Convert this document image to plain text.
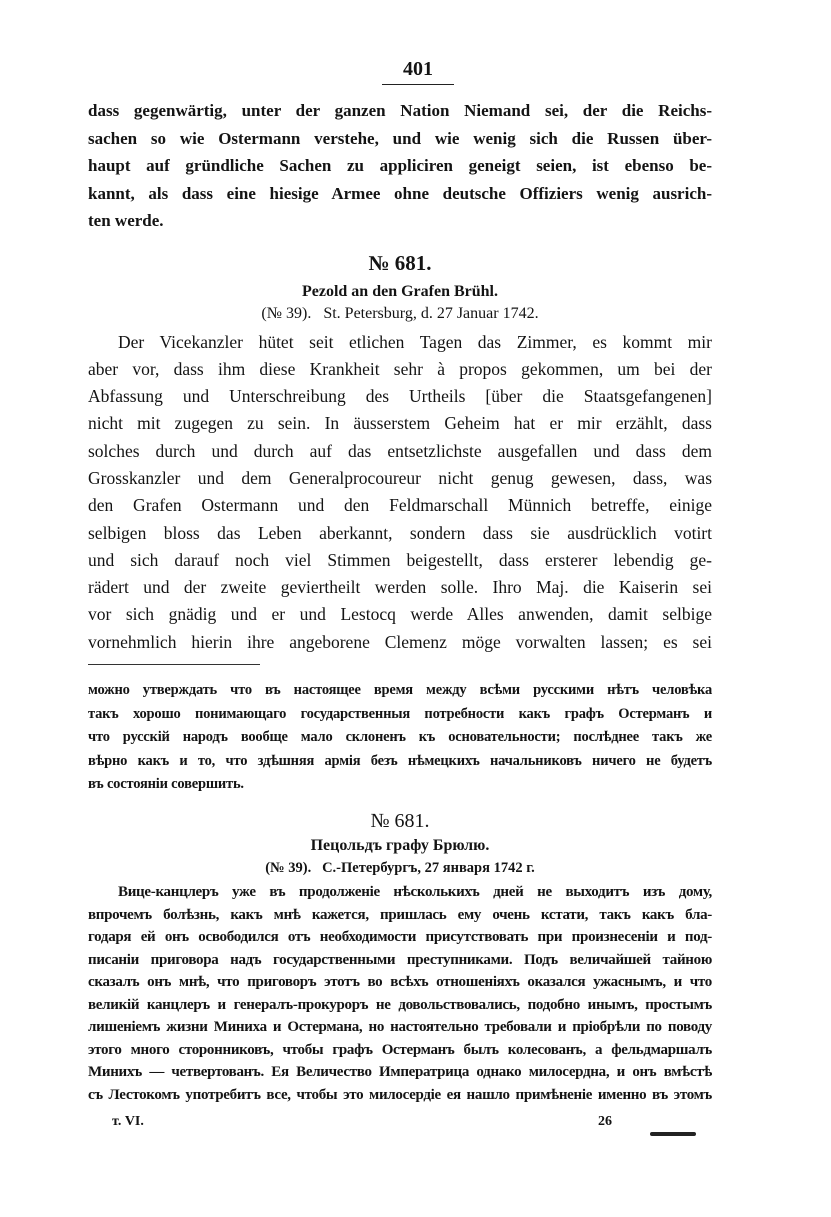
401
dass gegenwärtig, unter der ganzen Nation Niemand sei, der die Reichs-
sachen so wie Ostermann verstehe, und wie wenig sich die Russen über-
haupt auf gründliche Sachen zu appliciren geneigt seien, ist ebenso be-
kannt, als dass eine hiesige Armee ohne deutsche Offiziers wenig ausrich-
ten werde.
№ 681.
Pezold an den Grafen Brühl.
(№ 39).   St. Petersburg, d. 27 Januar 1742.
Der Vicekanzler hütet seit etlichen Tagen das Zimmer, es kommt mir
aber vor, dass ihm diese Krankheit sehr à propos gekommen, um bei der
Abfassung und Unterschreibung des Urtheils [über die Staatsgefangenen]
nicht mit zugegen zu sein. In äusserstem Geheim hat er mir erzählt, dass
solches durch und durch auf das entsetzlichste ausgefallen und dass dem
Grosskanzler und dem Generalprocoureur nicht genug gewesen, dass, was
den Grafen Ostermann und den Feldmarschall Münnich betreffe, einige
selbigen bloss das Leben aberkannt, sondern dass sie ausdrücklich votirt
und sich darauf noch viel Stimmen beigestellt, dass ersterer lebendig ge-
rädert und der zweite geviertheilt werden solle. Ihro Maj. die Kaiserin sei
vor sich gnädig und er und Lestocq werde Alles anwenden, damit selbige
vornehmlich hierin ihre angeborene Clemenz möge vorwalten lassen; es sei
можно утверждать что въ настоящее время между всѣми русскими нѣтъ человѣка
такъ хорошо понимающаго государственныя потребности какъ графъ Остерманъ и
что русскій народъ вообще мало склоненъ къ основательности; послѣднее такъ же
вѣрно какъ и то, что здѣшняя армія безъ нѣмецкихъ начальниковъ ничего не будетъ
въ состояніи совершить.
№ 681.
Пецольдъ графу Брюлю.
(№ 39).   С.-Петербургъ, 27 января 1742 г.
Вице-канцлеръ уже въ продолженіе нѣсколькихъ дней не выходитъ изъ дому,
впрочемъ болѣзнь, какъ мнѣ кажется, пришлась ему очень кстати, такъ какъ бла-
годаря ей онъ освободился отъ необходимости присутствовать при произнесеніи и под-
писаніи приговора надъ государственными преступниками. Подъ величайшей тайною
сказалъ онъ мнѣ, что приговоръ этотъ во всѣхъ отношеніяхъ оказался ужаснымъ, и что
великій канцлеръ и генералъ-прокуроръ не довольствовались, подобно инымъ, простымъ
лишеніемъ жизни Миниха и Остермана, но настоятельно требовали и пріобрѣли по поводу
этого много сторонниковъ, чтобы графъ Остерманъ былъ колесованъ, а фельдмаршалъ
Минихъ — четвертованъ. Ея Величество Императрица однако милосердна, и онъ вмѣстѣ
съ Лестокомъ употребитъ все, чтобы это милосердіе ея нашло примѣненіе именно въ этомъ
т. VI.	26
